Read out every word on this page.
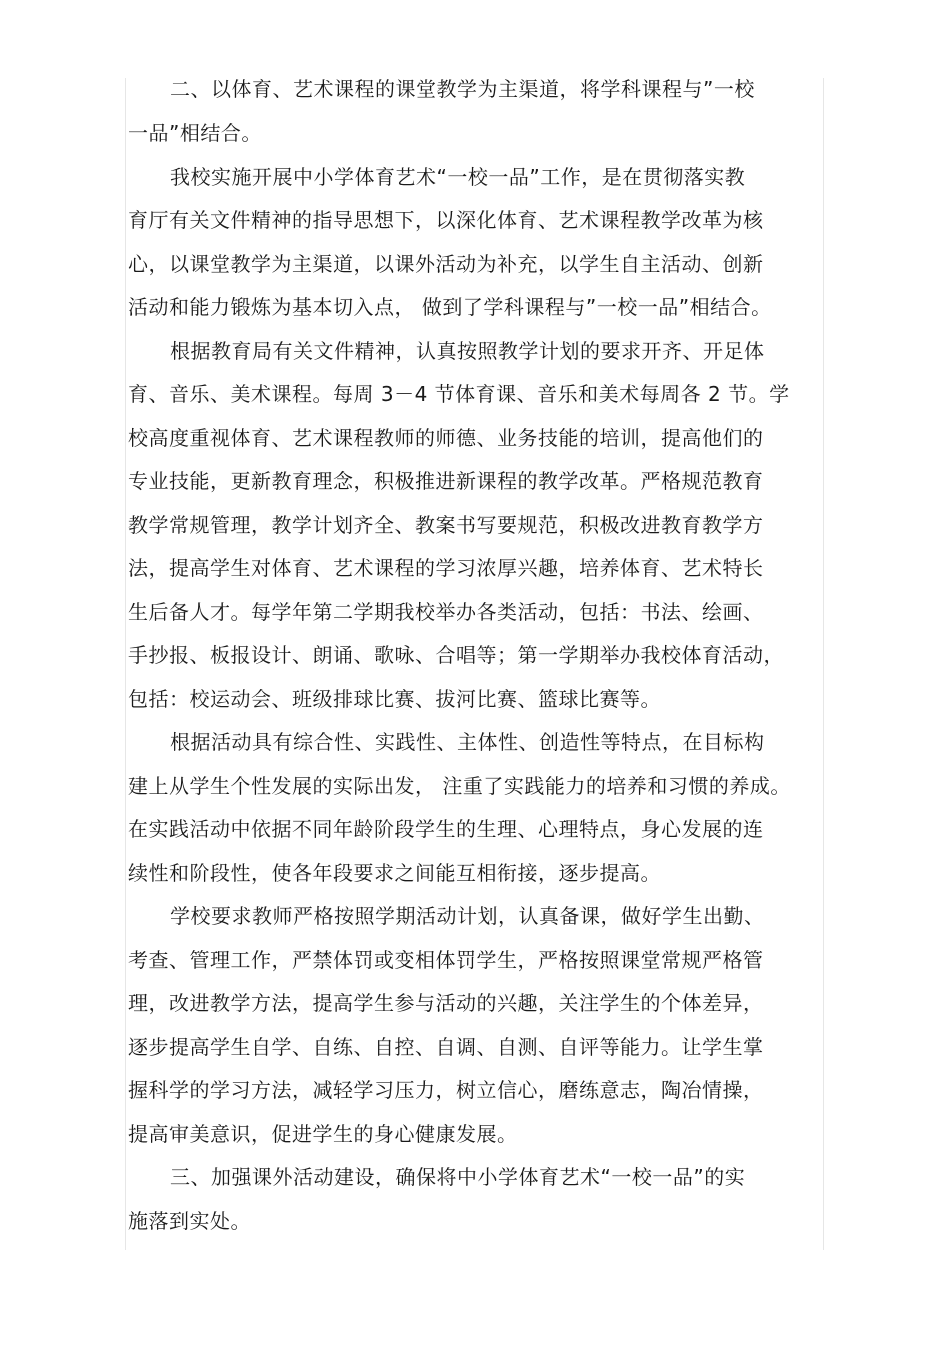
二、以体育、艺术课程的课堂教学为主渠道，将学科课程与”一校
一品”相结合。
我校实施开展中小学体育艺术“一校一品”工作，是在贯彻落实教
育厅有关文件精神的指导思想下，以深化体育、艺术课程教学改革为核
心，以课堂教学为主渠道，以课外活动为补充，以学生自主活动、创新
活动和能力锻炼为基本切入点， 做到了学科课程与”一校一品”相结合。
根据教育局有关文件精神，认真按照教学计划的要求开齐、开足体
育、音乐、美术课程。每周 3－4 节体育课、音乐和美术每周各 2 节。学
校高度重视体育、艺术课程教师的师德、业务技能的培训，提高他们的
专业技能，更新教育理念，积极推进新课程的教学改革。严格规范教育
教学常规管理，教学计划齐全、教案书写要规范，积极改进教育教学方
法，提高学生对体育、艺术课程的学习浓厚兴趣，培养体育、艺术特长
生后备人才。每学年第二学期我校举办各类活动，包括：书法、绘画、
手抄报、板报设计、朗诵、歌咏、合唱等；第一学期举办我校体育活动，
包括：校运动会、班级排球比赛、拔河比赛、篮球比赛等。
根据活动具有综合性、实践性、主体性、创造性等特点，在目标构
建上从学生个性发展的实际出发， 注重了实践能力的培养和习惯的养成。
在实践活动中依据不同年龄阶段学生的生理、心理特点，身心发展的连
续性和阶段性，使各年段要求之间能互相衔接，逐步提高。
学校要求教师严格按照学期活动计划，认真备课，做好学生出勤、
考查、管理工作，严禁体罚或变相体罚学生，严格按照课堂常规严格管
理，改进教学方法，提高学生参与活动的兴趣，关注学生的个体差异，
逐步提高学生自学、自练、自控、自调、自测、自评等能力。让学生掌
握科学的学习方法，减轻学习压力，树立信心，磨练意志，陶冶情操，
提高审美意识，促进学生的身心健康发展。
三、加强课外活动建设，确保将中小学体育艺术“一校一品”的实
施落到实处。
